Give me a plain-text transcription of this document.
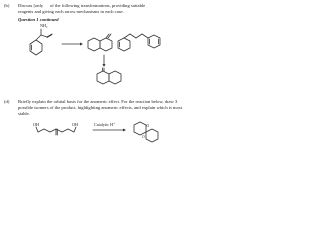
(b) Discuss [only of the following transformations, providing suitable
reagents and giving each arrow mechanisms in each case.
Question 1 continued
NH₂
(d) Briefly explain the orbital basis for the anomeric effect. For the reaction below, draw 3
possible isomers of the product, highlighting anomeric effects, and explain which is most
stable.
OH	OH	Catalytic H+
O
O
